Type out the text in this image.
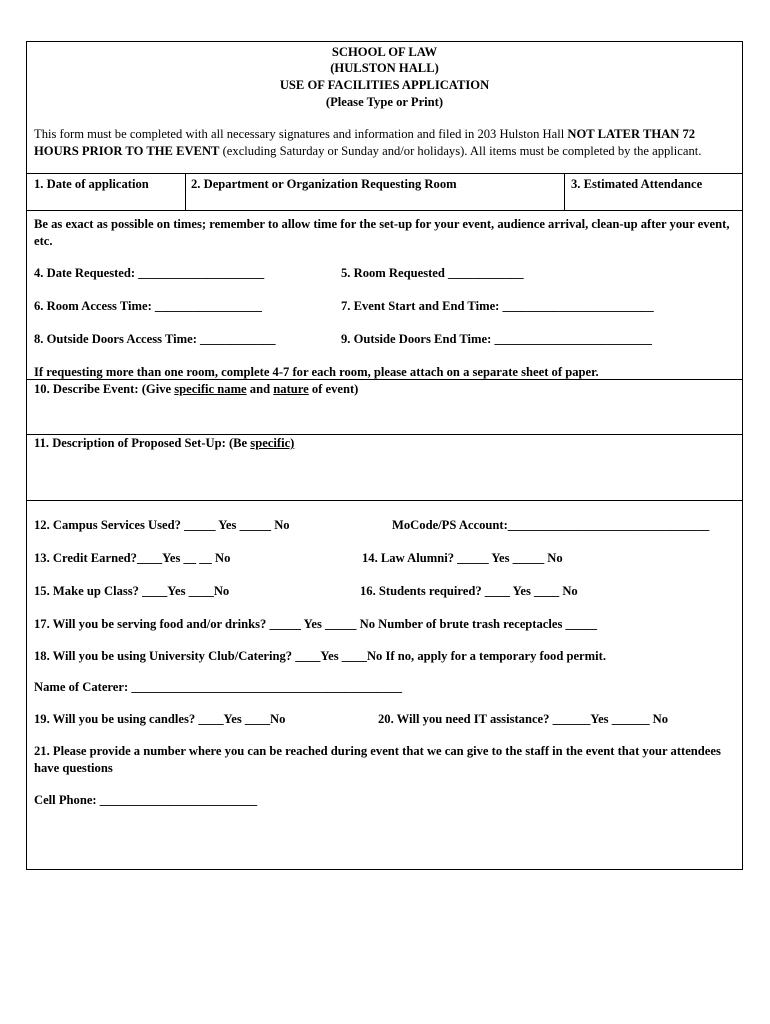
SCHOOL OF LAW
(HULSTON HALL)
USE OF FACILITIES APPLICATION
(Please Type or Print)
This form must be completed with all necessary signatures and information and filed in 203 Hulston Hall NOT LATER THAN 72 HOURS PRIOR TO THE EVENT (excluding Saturday or Sunday and/or holidays). All items must be completed by the applicant.
1. Date of application	2. Department or Organization Requesting Room	3. Estimated Attendance
Be as exact as possible on times; remember to allow time for the set-up for your event, audience arrival, clean-up after your event, etc.
4. Date Requested: ____________________	5. Room Requested ____________
6. Room Access Time: _________________	7. Event Start and End Time: ________________________
8. Outside Doors Access Time: ____________	9. Outside Doors End Time: _________________________
If requesting more than one room, complete 4-7 for each room, please attach on a separate sheet of paper.
10. Describe Event: (Give specific name and nature of event)
11. Description of Proposed Set-Up: (Be specific)
12. Campus Services Used? _____ Yes _____ No	MoCode/PS Account:________________________________
13. Credit Earned?____Yes __ __ No	14. Law Alumni? _____ Yes _____ No
15. Make up Class? ____Yes ____No	16. Students required? ____ Yes ____ No
17. Will you be serving food and/or drinks? _____ Yes _____ No Number of brute trash receptacles _____
18. Will you be using University Club/Catering? ____Yes ____No If no, apply for a temporary food permit.
Name of Caterer: ___________________________________________
19. Will you be using candles? ____Yes ____No	20. Will you need IT assistance? ______Yes ______ No
21. Please provide a number where you can be reached during event that we can give to the staff in the event that your attendees have questions
Cell Phone: _________________________
